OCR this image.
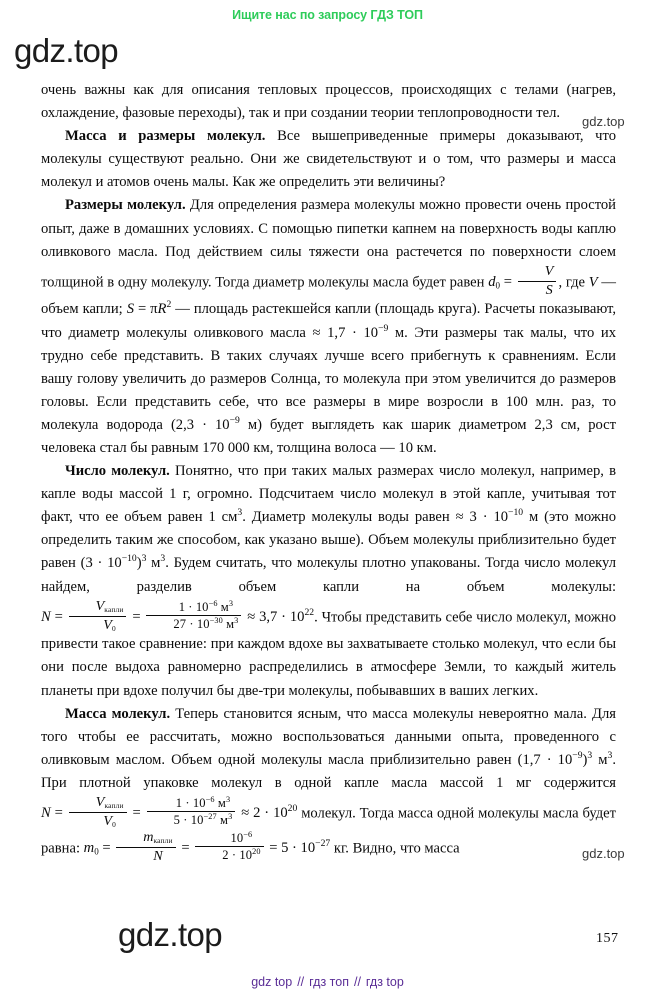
Ищите нас по запросу ГДЗ ТОП
gdz.top
gdz.top
gdz.top

очень важны как для описания тепловых процессов, происходящих с телами (нагрев, охлаждение, фазовые переходы), так и при создании теории теплопроводности тел.

Масса и размеры молекул. Все вышеприведенные примеры доказывают, что молекулы существуют реально. Они же свидетельствуют и о том, что размеры и масса молекул и атомов очень малы. Как же определить эти величины?

Размеры молекул. Для определения размера молекулы можно провести очень простой опыт, даже в домашних условиях. С помощью пипетки капнем на поверхность воды каплю оливкового масла. Под действием силы тяжести она растечется по поверхности слоем толщиной в одну молекулу. Тогда диаметр молекулы масла будет равен $d_0 = \frac{V}{S}$ , где V — объем капли; $S = \pi R^2$ — площадь растекшейся капли (площадь круга). Расчеты показывают, что диаметр молекулы оливкового масла ≈ $1,7 \cdot 10^{-9}$ м. Эти размеры так малы, что их трудно себе представить. В таких случаях лучше всего прибегнуть к сравнениям. Если вашу голову увеличить до размеров Солнца, то молекула при этом увеличится до размеров головы. Если представить себе, что все размеры в мире возросли в 100 млн. раз, то молекула водорода ($2,3 \cdot 10^{-9}$ м) будет выглядеть как шарик диаметром 2,3 см, рост человека стал бы равным 170 000 км, толщина волоса — 10 км.

Число молекул. Понятно, что при таких малых размерах число молекул, например, в капле воды массой 1 г, огромно. Подсчитаем число молекул в этой капле, учитывая тот факт, что ее объем равен 1 $см^3$. Диаметр молекулы воды равен ≈ $3 \cdot 10^{-10}$ м (это можно определить таким же способом, как указано выше). Объем молекулы приблизительно будет равен $(3 \cdot 10^{-10})^3$ $м^3$. Будем считать, что молекулы плотно упакованы. Тогда число молекул найдем, разделив объем капли на объем молекулы: $N = \frac{\text{Vкапли}}{V0} = \frac{1 \cdot 10^{-6} м^3}{27 \cdot 10^{-30} м^3} \approx 3,7 \cdot 10^{22}$. Чтобы представить себе число молекул, можно привести такое сравнение: при каждом вдохе вы захватываете столько молекул, что если бы они после выдоха равномерно распределились в атмосфере Земли, то каждый житель планеты при вдохе получил бы две-три молекулы, побывавших в ваших легких.

Масса молекул. Теперь становится ясным, что масса молекулы невероятно мала. Для того чтобы ее рассчитать, можно воспользоваться данными опыта, проведенного с оливковым маслом. Объем одной молекулы масла приблизительно равен $(1,7 \cdot 10^{-9})^3$ $м^3$. При плотной упаковке молекул в одной капле масла массой 1 мг содержится $N = \frac{\text{Vкапли}}{V0} = \frac{1 \cdot 10^{-6} м^3}{5 \cdot 10^{-27} м^3} \approx 2 \cdot 10^{20}$ молекул. Тогда масса одной молекулы масла будет равна: $m_0 = \frac{\text{mкапли}}{N} = \frac{10^{-6}}{2 \cdot 10^{20}} = 5 \cdot 10^{-27}$ кг. Видно, что масса

gdz.top	157
gdz top // гдз топ // гдз top
